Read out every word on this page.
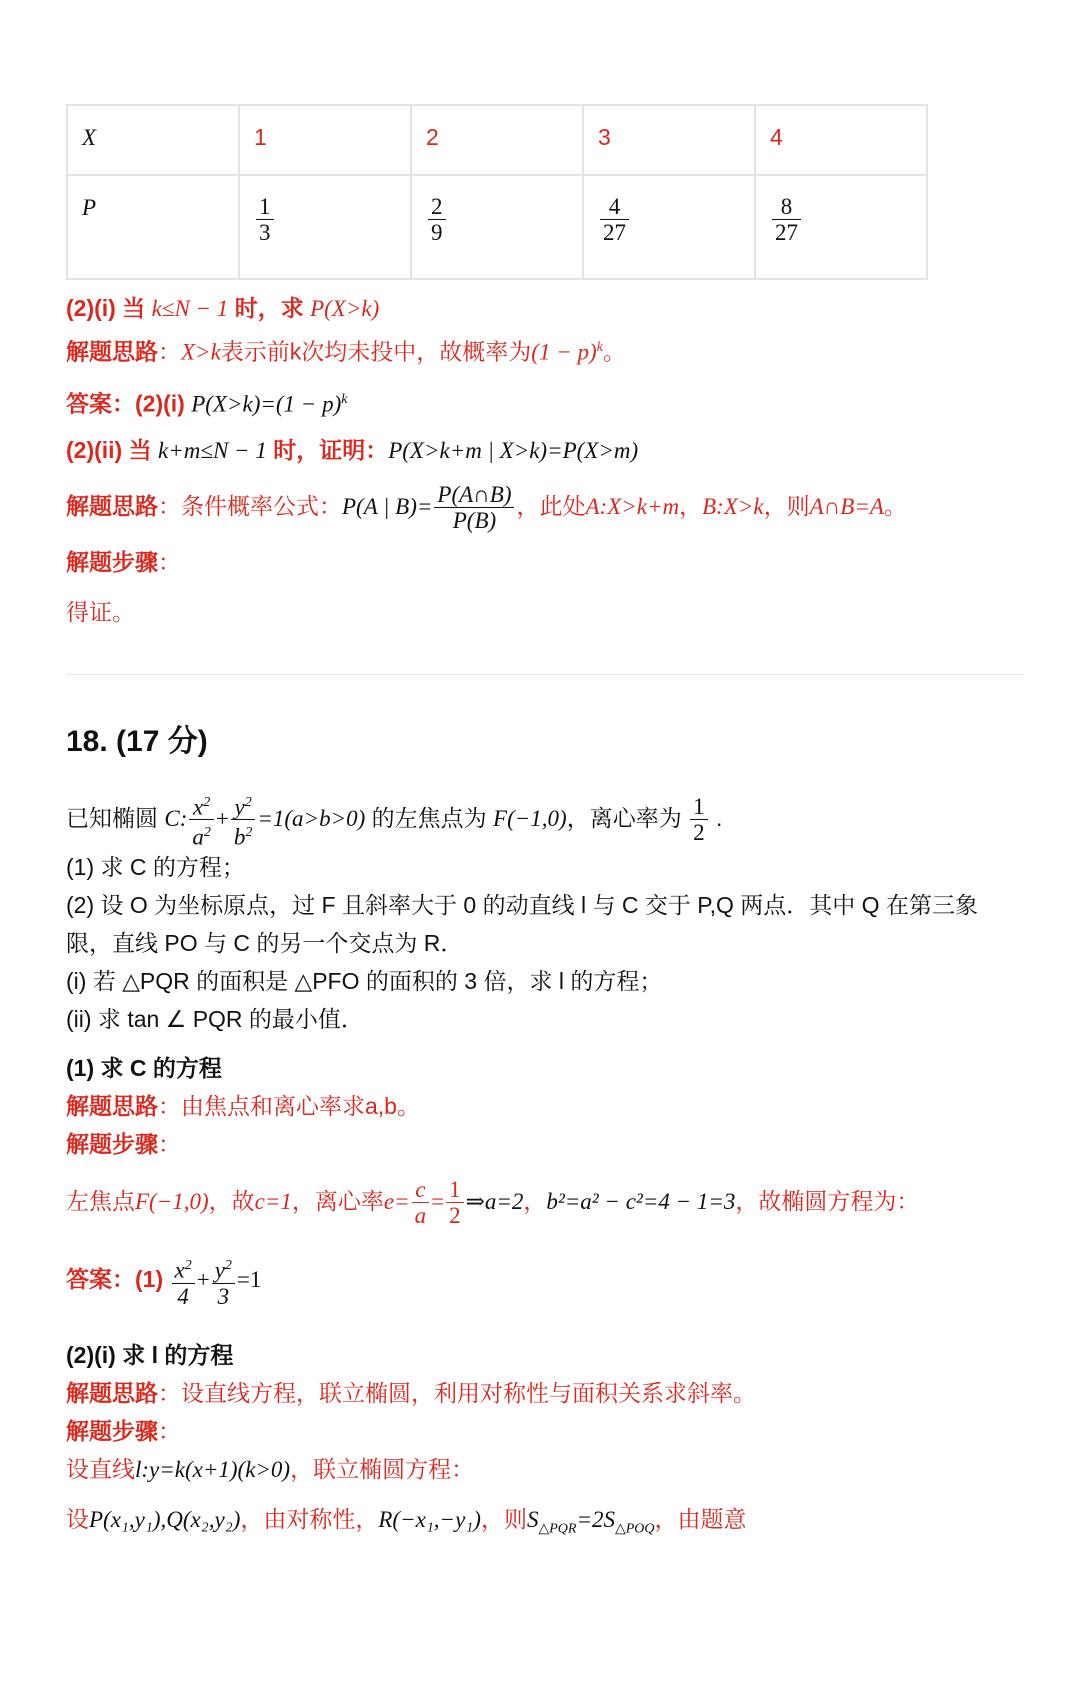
X	1	2	3	4
P	$\frac{1}{3}$	$\frac{2}{9}$	$\frac{4}{27}$	$\frac{8}{27}$
(2)(i) 当 k≤N − 1 时，求 P(X>k)
解题思路：X>k表示前k次均未投中，故概率为$(1 - p)^k$。
答案：(2)(i) $P(X>k)=(1 - p)^k$
(2)(ii) 当 k+m≤N − 1 时，证明：P(X>k+m | X>k)=P(X>m)
解题思路：条件概率公式：P(A | $B)= \frac{P(A\cap B)}{P(B)}$ ，此处A:X>k+m，B:X>k，则A∩B=A。
解题步骤：
得证。
18. (17 分)
已知椭圆 C: $\frac{x^2}{a^2} + \frac{y^2}{b^2} =1(a>b>0)$ 的左焦点为 F(−1,0)，离心率为 $\frac{1}{2}$ .
(1) 求 C 的方程；
(2) 设 O 为坐标原点，过 F 且斜率大于 0 的动直线 l 与 C 交于 P,Q 两点．其中 Q 在第三象
限，直线 PO 与 C 的另一个交点为 R．
(i) 若 △PQR 的面积是 △PFO 的面积的 3 倍，求 l 的方程；
(ii) 求 tan ∠ PQR 的最小值．
(1) 求 C 的方程
解题思路：由焦点和离心率求a,b。
解题步骤：
左焦点F(−1,0)，故c=1，离心率$e= \frac{c}{a} = \frac{1}{2}$ ⇒a=2，b²=a² − c²=4 − 1=3，故椭圆方程为：
答案：$(1) \frac{x^2}{4} + \frac{y^2}{3} =1$
(2)(i) 求 l 的方程
解题思路：设直线方程，联立椭圆，利用对称性与面积关系求斜率。
解题步骤：
设直线l:y=k(x+1)(k>0)，联立椭圆方程：
设P(x₁,y₁),Q(x₂,y₂)，由对称性，R(−x₁,−y₁)，则$S_{\triangle PQR}=2S_{\triangle POQ}$，由题意
